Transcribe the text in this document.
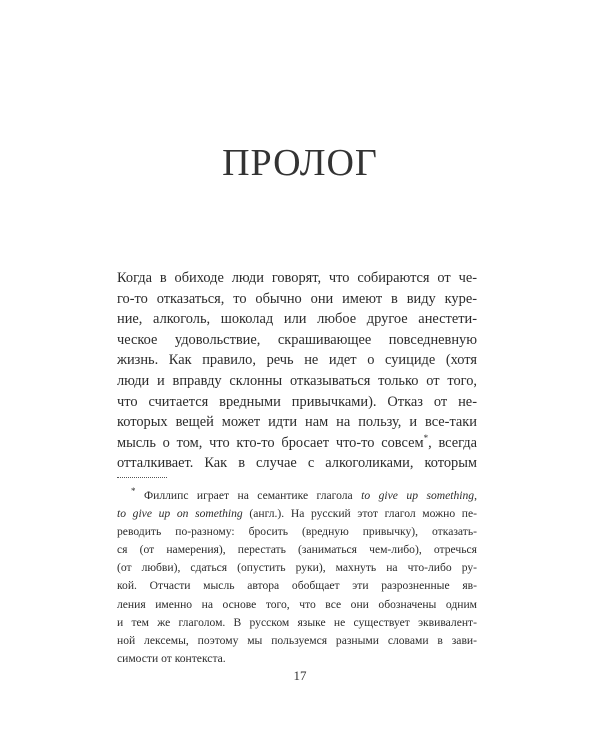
ПРОЛОГ
Когда в обиходе люди говорят, что собираются от че-
го-то отказаться, то обычно они имеют в виду куре-
ние, алкоголь, шоколад или любое другое анестети-
ческое удовольствие, скрашивающее повседневную
жизнь. Как правило, речь не идет о суициде (хотя
люди и вправду склонны отказываться только от того,
что считается вредными привычками). Отказ от не-
которых вещей может идти нам на пользу, и все-таки
мысль о том, что кто-то бросает что-то совсем*, всегда
отталкивает. Как в случае с алкоголиками, которым
* Филлипс играет на семантике глагола to give up something,
to give up on something (англ.). На русский этот глагол можно пе-
реводить по-разному: бросить (вредную привычку), отказать-
ся (от намерения), перестать (заниматься чем-либо), отречься
(от любви), сдаться (опустить руки), махнуть на что-либо ру-
кой. Отчасти мысль автора обобщает эти разрозненные яв-
ления именно на основе того, что все они обозначены одним
и тем же глаголом. В русском языке не существует эквивалент-
ной лексемы, поэтому мы пользуемся разными словами в зави-
симости от контекста.
17
